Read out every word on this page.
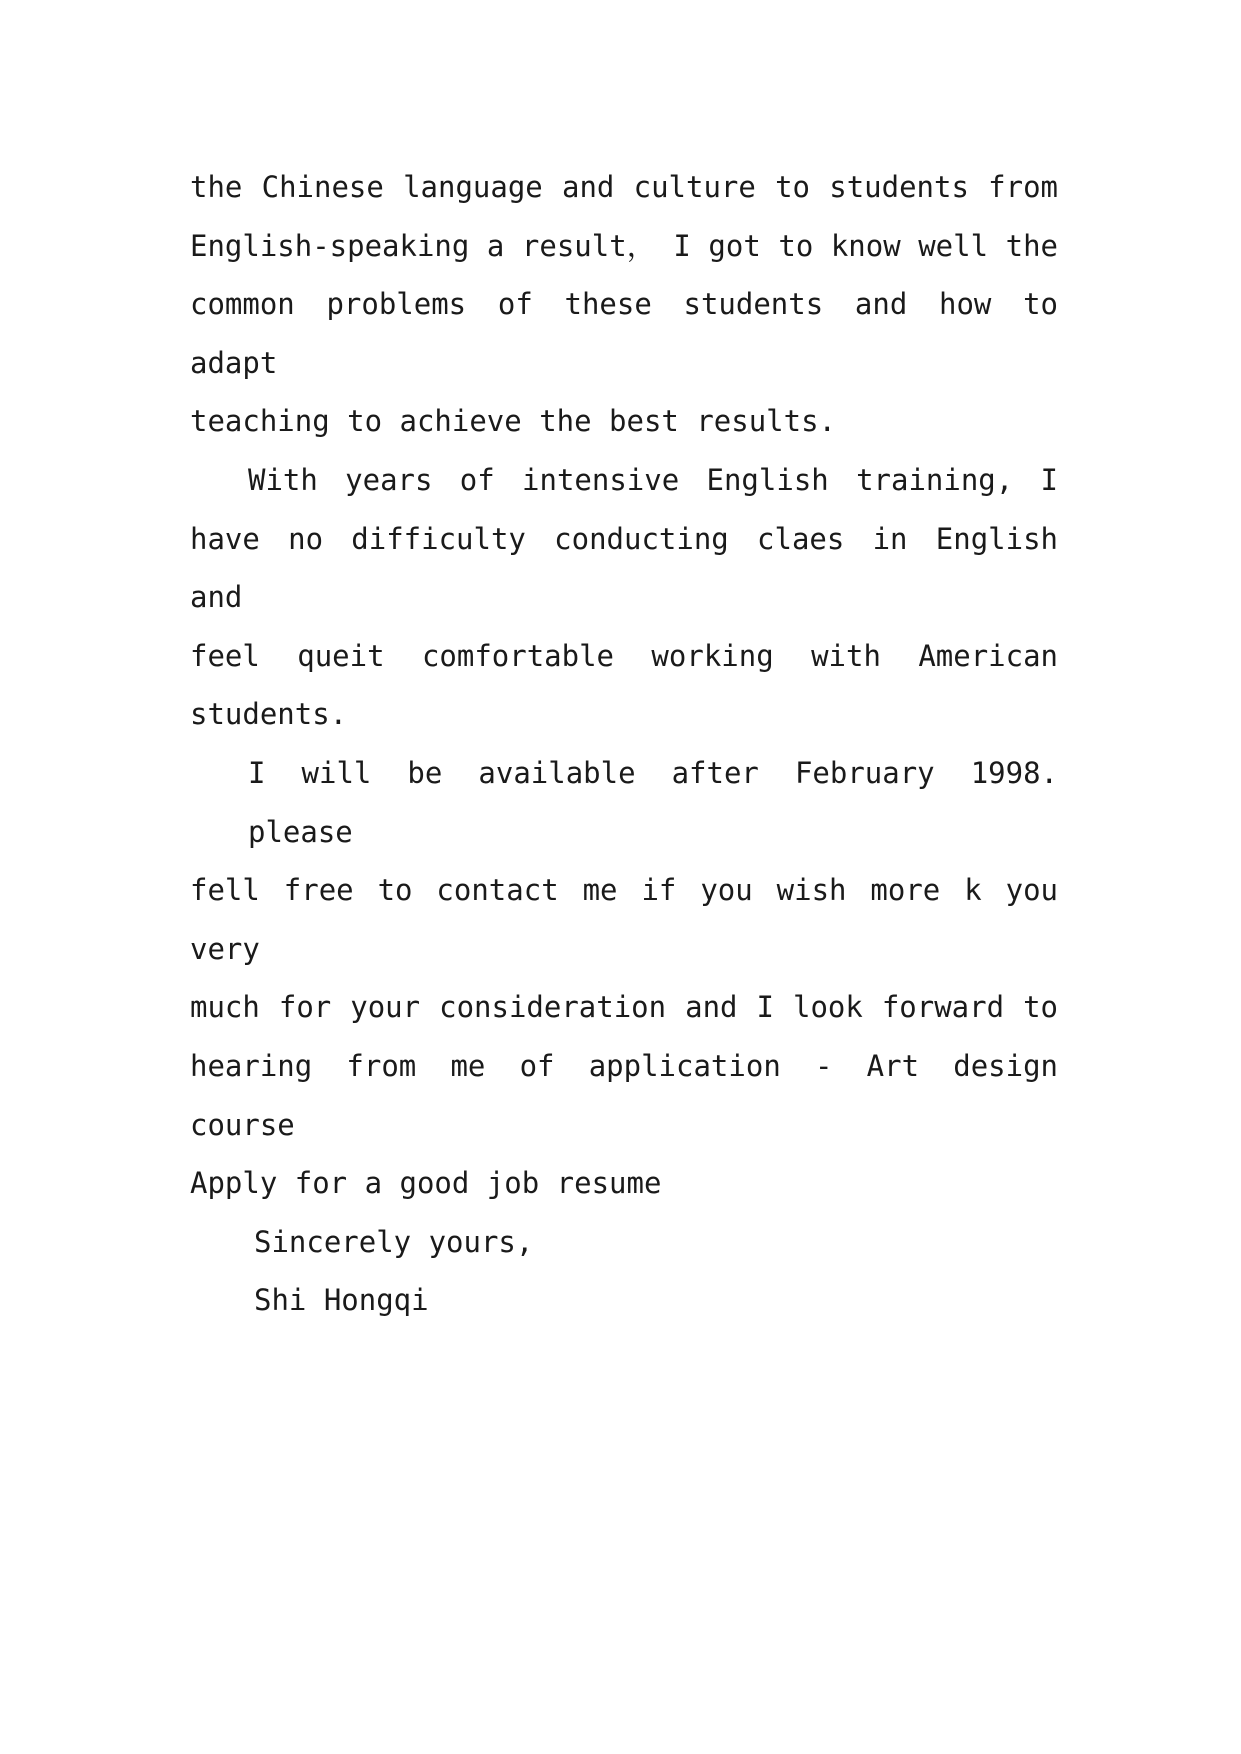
the Chinese language and culture to students from
English-speaking a result， I got to know well the
common problems of these students and how to adapt
teaching to achieve the best results.
With years of intensive English training, I
have no difficulty conducting claes in English and
feel queit comfortable working with American
students.
I will be available after February 1998. please
fell free to contact me if you wish more k you very
much for your consideration and I look forward to
hearing from me of application - Art design course
Apply for a good job resume
Sincerely yours,
Shi Hongqi
